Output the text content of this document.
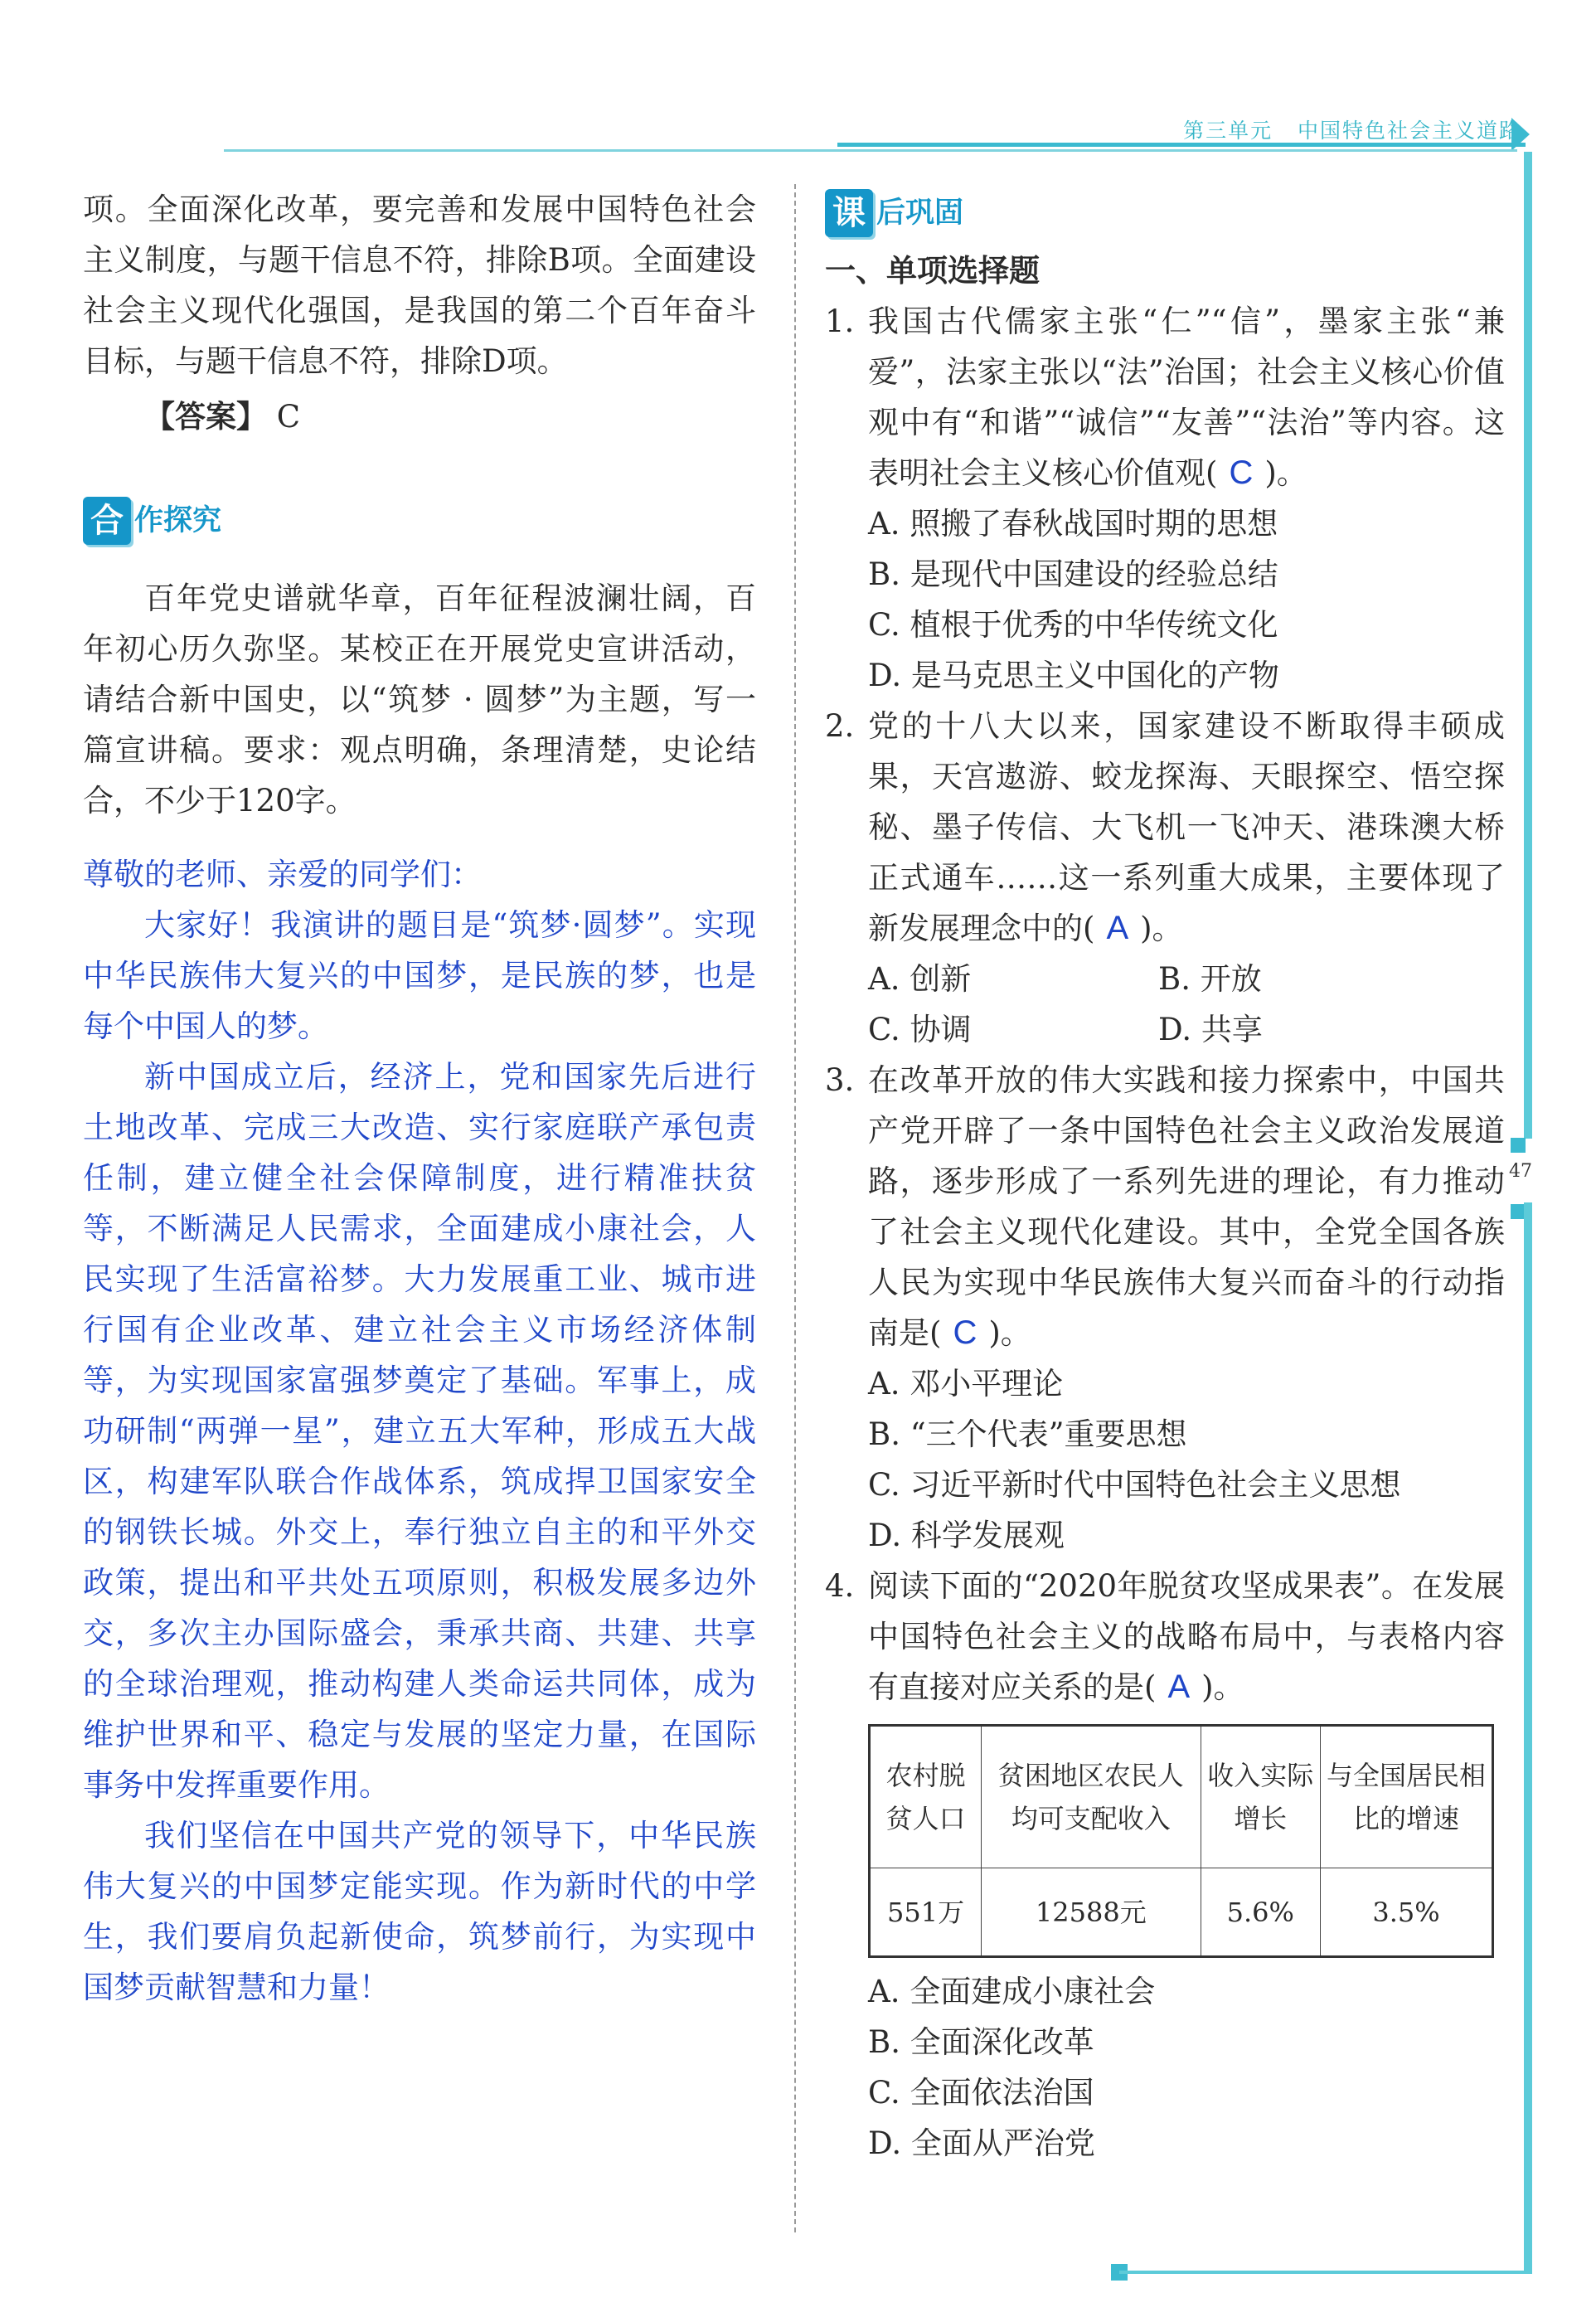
第三单元 中国特色社会主义道路
47

项。全面深化改革，要完善和发展中国特色社会主义制度，与题干信息不符，排除B项。全面建设社会主义现代化强国，是我国的第二个百年奋斗目标，与题干信息不符，排除D项。

【答案】 C

合 作探究

百年党史谱就华章，百年征程波澜壮阔，百年初心历久弥坚。某校正在开展党史宣讲活动，请结合新中国史，以“筑梦 · 圆梦”为主题，写一篇宣讲稿。要求：观点明确，条理清楚，史论结合，不少于120字。

尊敬的老师、亲爱的同学们：

大家好！我演讲的题目是“筑梦·圆梦”。实现中华民族伟大复兴的中国梦，是民族的梦，也是每个中国人的梦。

新中国成立后，经济上，党和国家先后进行土地改革、完成三大改造、实行家庭联产承包责任制，建立健全社会保障制度，进行精准扶贫等，不断满足人民需求，全面建成小康社会，人民实现了生活富裕梦。大力发展重工业、城市进行国有企业改革、建立社会主义市场经济体制等，为实现国家富强梦奠定了基础。军事上，成功研制“两弹一星”，建立五大军种，形成五大战区，构建军队联合作战体系，筑成捍卫国家安全的钢铁长城。外交上，奉行独立自主的和平外交政策，提出和平共处五项原则，积极发展多边外交，多次主办国际盛会，秉承共商、共建、共享的全球治理观，推动构建人类命运共同体，成为维护世界和平、稳定与发展的坚定力量，在国际事务中发挥重要作用。

我们坚信在中国共产党的领导下，中华民族伟大复兴的中国梦定能实现。作为新时代的中学生，我们要肩负起新使命，筑梦前行，为实现中国梦贡献智慧和力量！

课 后巩固

一、单项选择题

1. 我国古代儒家主张“仁”“信”，墨家主张“兼爱”，法家主张以“法”治国；社会主义核心价值观中有“和谐”“诚信”“友善”“法治”等内容。这表明社会主义核心价值观( C )。

A. 照搬了春秋战国时期的思想

B. 是现代中国建设的经验总结

C. 植根于优秀的中华传统文化

D. 是马克思主义中国化的产物

2. 党的十八大以来，国家建设不断取得丰硕成果，天宫遨游、蛟龙探海、天眼探空、悟空探秘、墨子传信、大飞机一飞冲天、港珠澳大桥正式通车……这一系列重大成果，主要体现了新发展理念中的( A )。
A. 创新	B. 开放
C. 协调	D. 共享
3. 在改革开放的伟大实践和接力探索中，中国共产党开辟了一条中国特色社会主义政治发展道路，逐步形成了一系列先进的理论，有力推动了社会主义现代化建设。其中，全党全国各族人民为实现中华民族伟大复兴而奋斗的行动指南是( C )。

A. 邓小平理论

B. “三个代表”重要思想

C. 习近平新时代中国特色社会主义思想

D. 科学发展观

4. 阅读下面的“2020年脱贫攻坚成果表”。在发展中国特色社会主义的战略布局中，与表格内容有直接对应关系的是( A )。
农村脱贫人口	贫困地区农民人均可支配收入	收入实际增长	与全国居民相比的增速
551万	12588元	5.6%	3.5%

A. 全面建成小康社会

B. 全面深化改革

C. 全面依法治国

D. 全面从严治党
